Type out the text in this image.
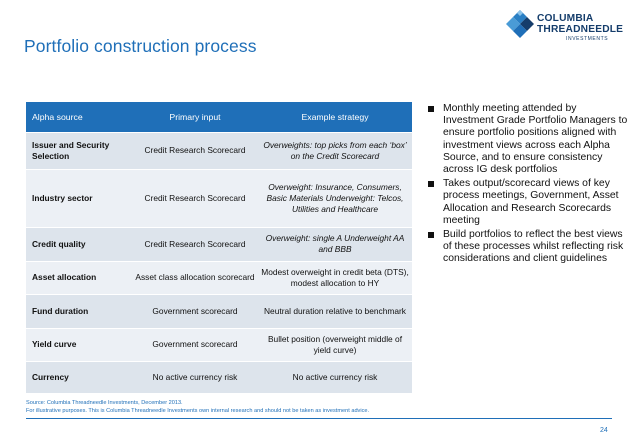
Portfolio construction process
COLUMBIA
THREADNEEDLE
INVESTMENTS
Alpha source	Primary input	Example strategy
Issuer and Security Selection	Credit Research Scorecard	Overweights: top picks from each ‘box’ on the Credit Scorecard
Industry sector	Credit Research Scorecard	Overweight: Insurance, Consumers, Basic Materials Underweight: Telcos, Utilities and Healthcare
Credit quality	Credit Research Scorecard	Overweight: single A Underweight AA and BBB
Asset allocation	Asset class allocation scorecard	Modest overweight in credit beta (DTS), modest allocation to HY
Fund duration	Government scorecard	Neutral duration relative to benchmark
Yield curve	Government scorecard	Bullet position (overweight middle of yield curve)
Currency	No active currency risk	No active currency risk
Monthly meeting attended by Investment Grade Portfolio Managers to ensure portfolio positions aligned with investment views across each Alpha Source, and to ensure consistency across IG desk portfolios
Takes output/scorecard views of key process meetings, Government, Asset Allocation and Research Scorecards meeting
Build portfolios to reflect the best views of these processes whilst reflecting risk considerations and client guidelines
Source: Columbia Threadneedle Investments, December 2013.
For illustrative purposes. This is Columbia Threadneedle Investments own internal research and should not be taken as investment advice.
24
